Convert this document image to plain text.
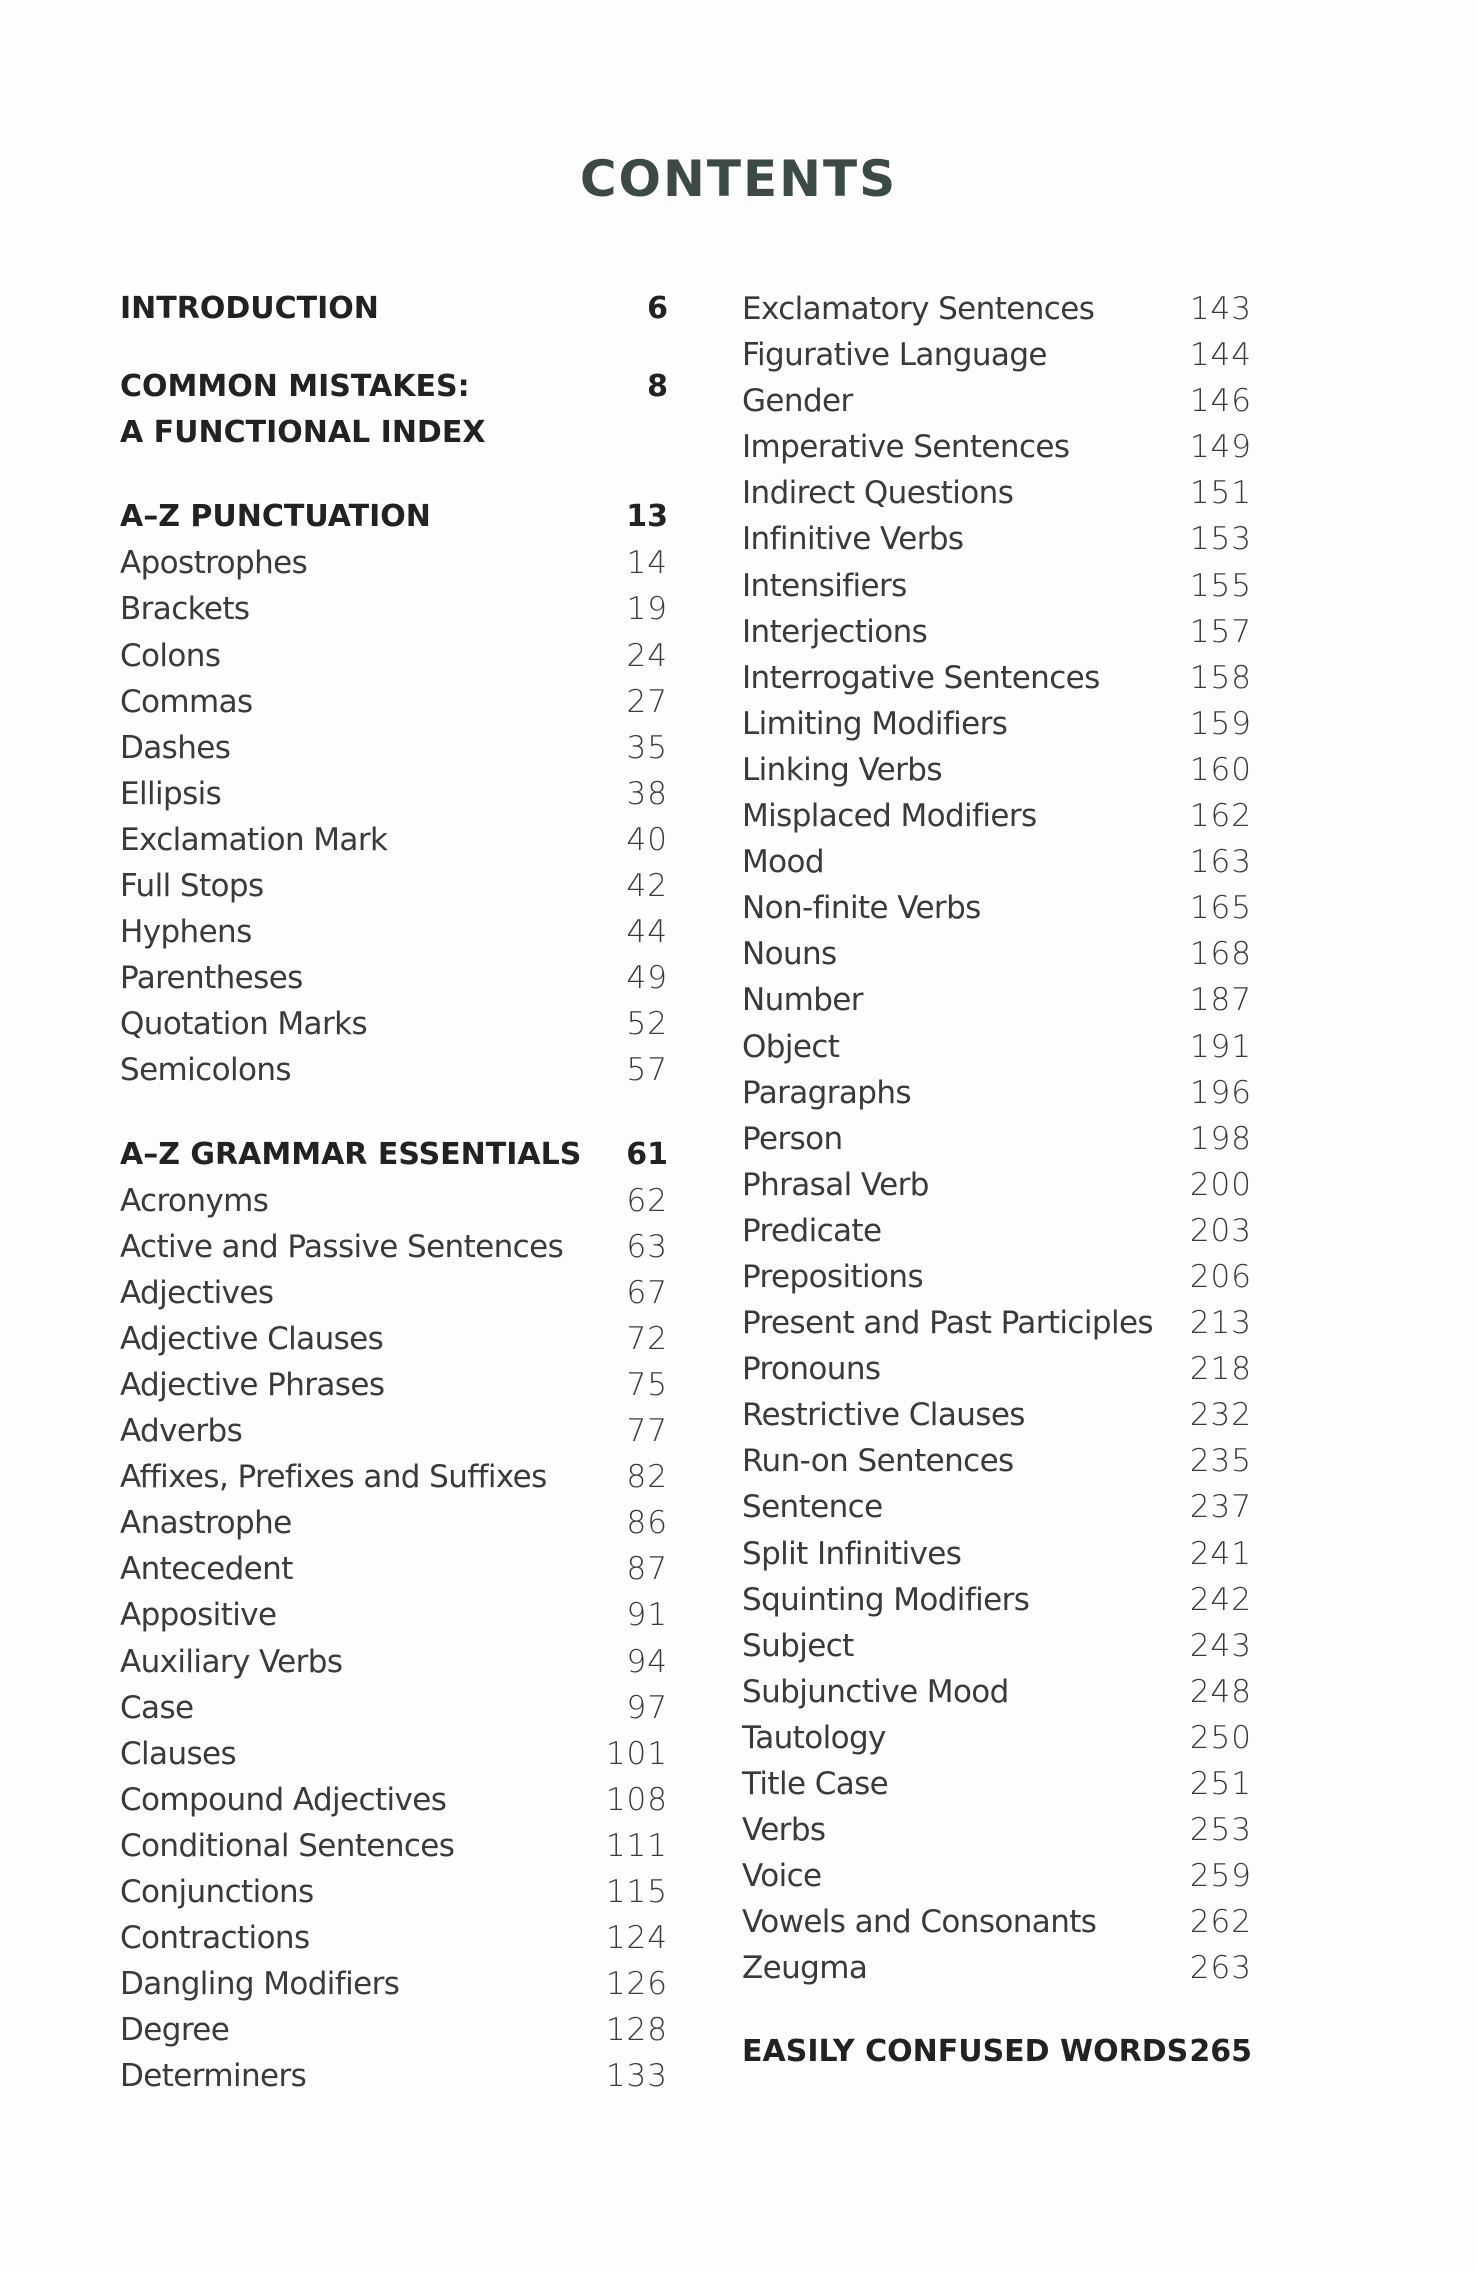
CONTENTS
INTRODUCTION	6
COMMON MISTAKES:	8
A FUNCTIONAL INDEX
A–Z PUNCTUATION	13
Apostrophes	14
Brackets	19
Colons	24
Commas	27
Dashes	35
Ellipsis	38
Exclamation Mark	40
Full Stops	42
Hyphens	44
Parentheses	49
Quotation Marks	52
Semicolons	57
A–Z GRAMMAR ESSENTIALS 61
Acronyms	62
Active and Passive Sentences 63
Adjectives	67
Adjective Clauses	72
Adjective Phrases	75
Adverbs	77
Affixes, Prefixes and Suffixes	82
Anastrophe	86
Antecedent	87
Appositive	91
Auxiliary Verbs	94
Case	97
Clauses	101
Compound Adjectives	108
Conditional Sentences	111
Conjunctions	115
Contractions	124
Dangling Modifiers	126
Degree	128
Determiners	133
Exclamatory Sentences	143
Figurative Language	144
Gender	146
Imperative Sentences	149
Indirect Questions	151
Infinitive Verbs	153
Intensifiers	155
Interjections	157
Interrogative Sentences	158
Limiting Modifiers	159
Linking Verbs	160
Misplaced Modifiers	162
Mood	163
Non-finite Verbs	165
Nouns	168
Number	187
Object	191
Paragraphs	196
Person	198
Phrasal Verb	200
Predicate	203
Prepositions	206
Present and Past Participles 213
Pronouns	218
Restrictive Clauses	232
Run-on Sentences	235
Sentence	237
Split Infinitives	241
Squinting Modifiers	242
Subject	243
Subjunctive Mood	248
Tautology	250
Title Case	251
Verbs	253
Voice	259
Vowels and Consonants	262
Zeugma	263
EASILY CONFUSED WORDS 265
